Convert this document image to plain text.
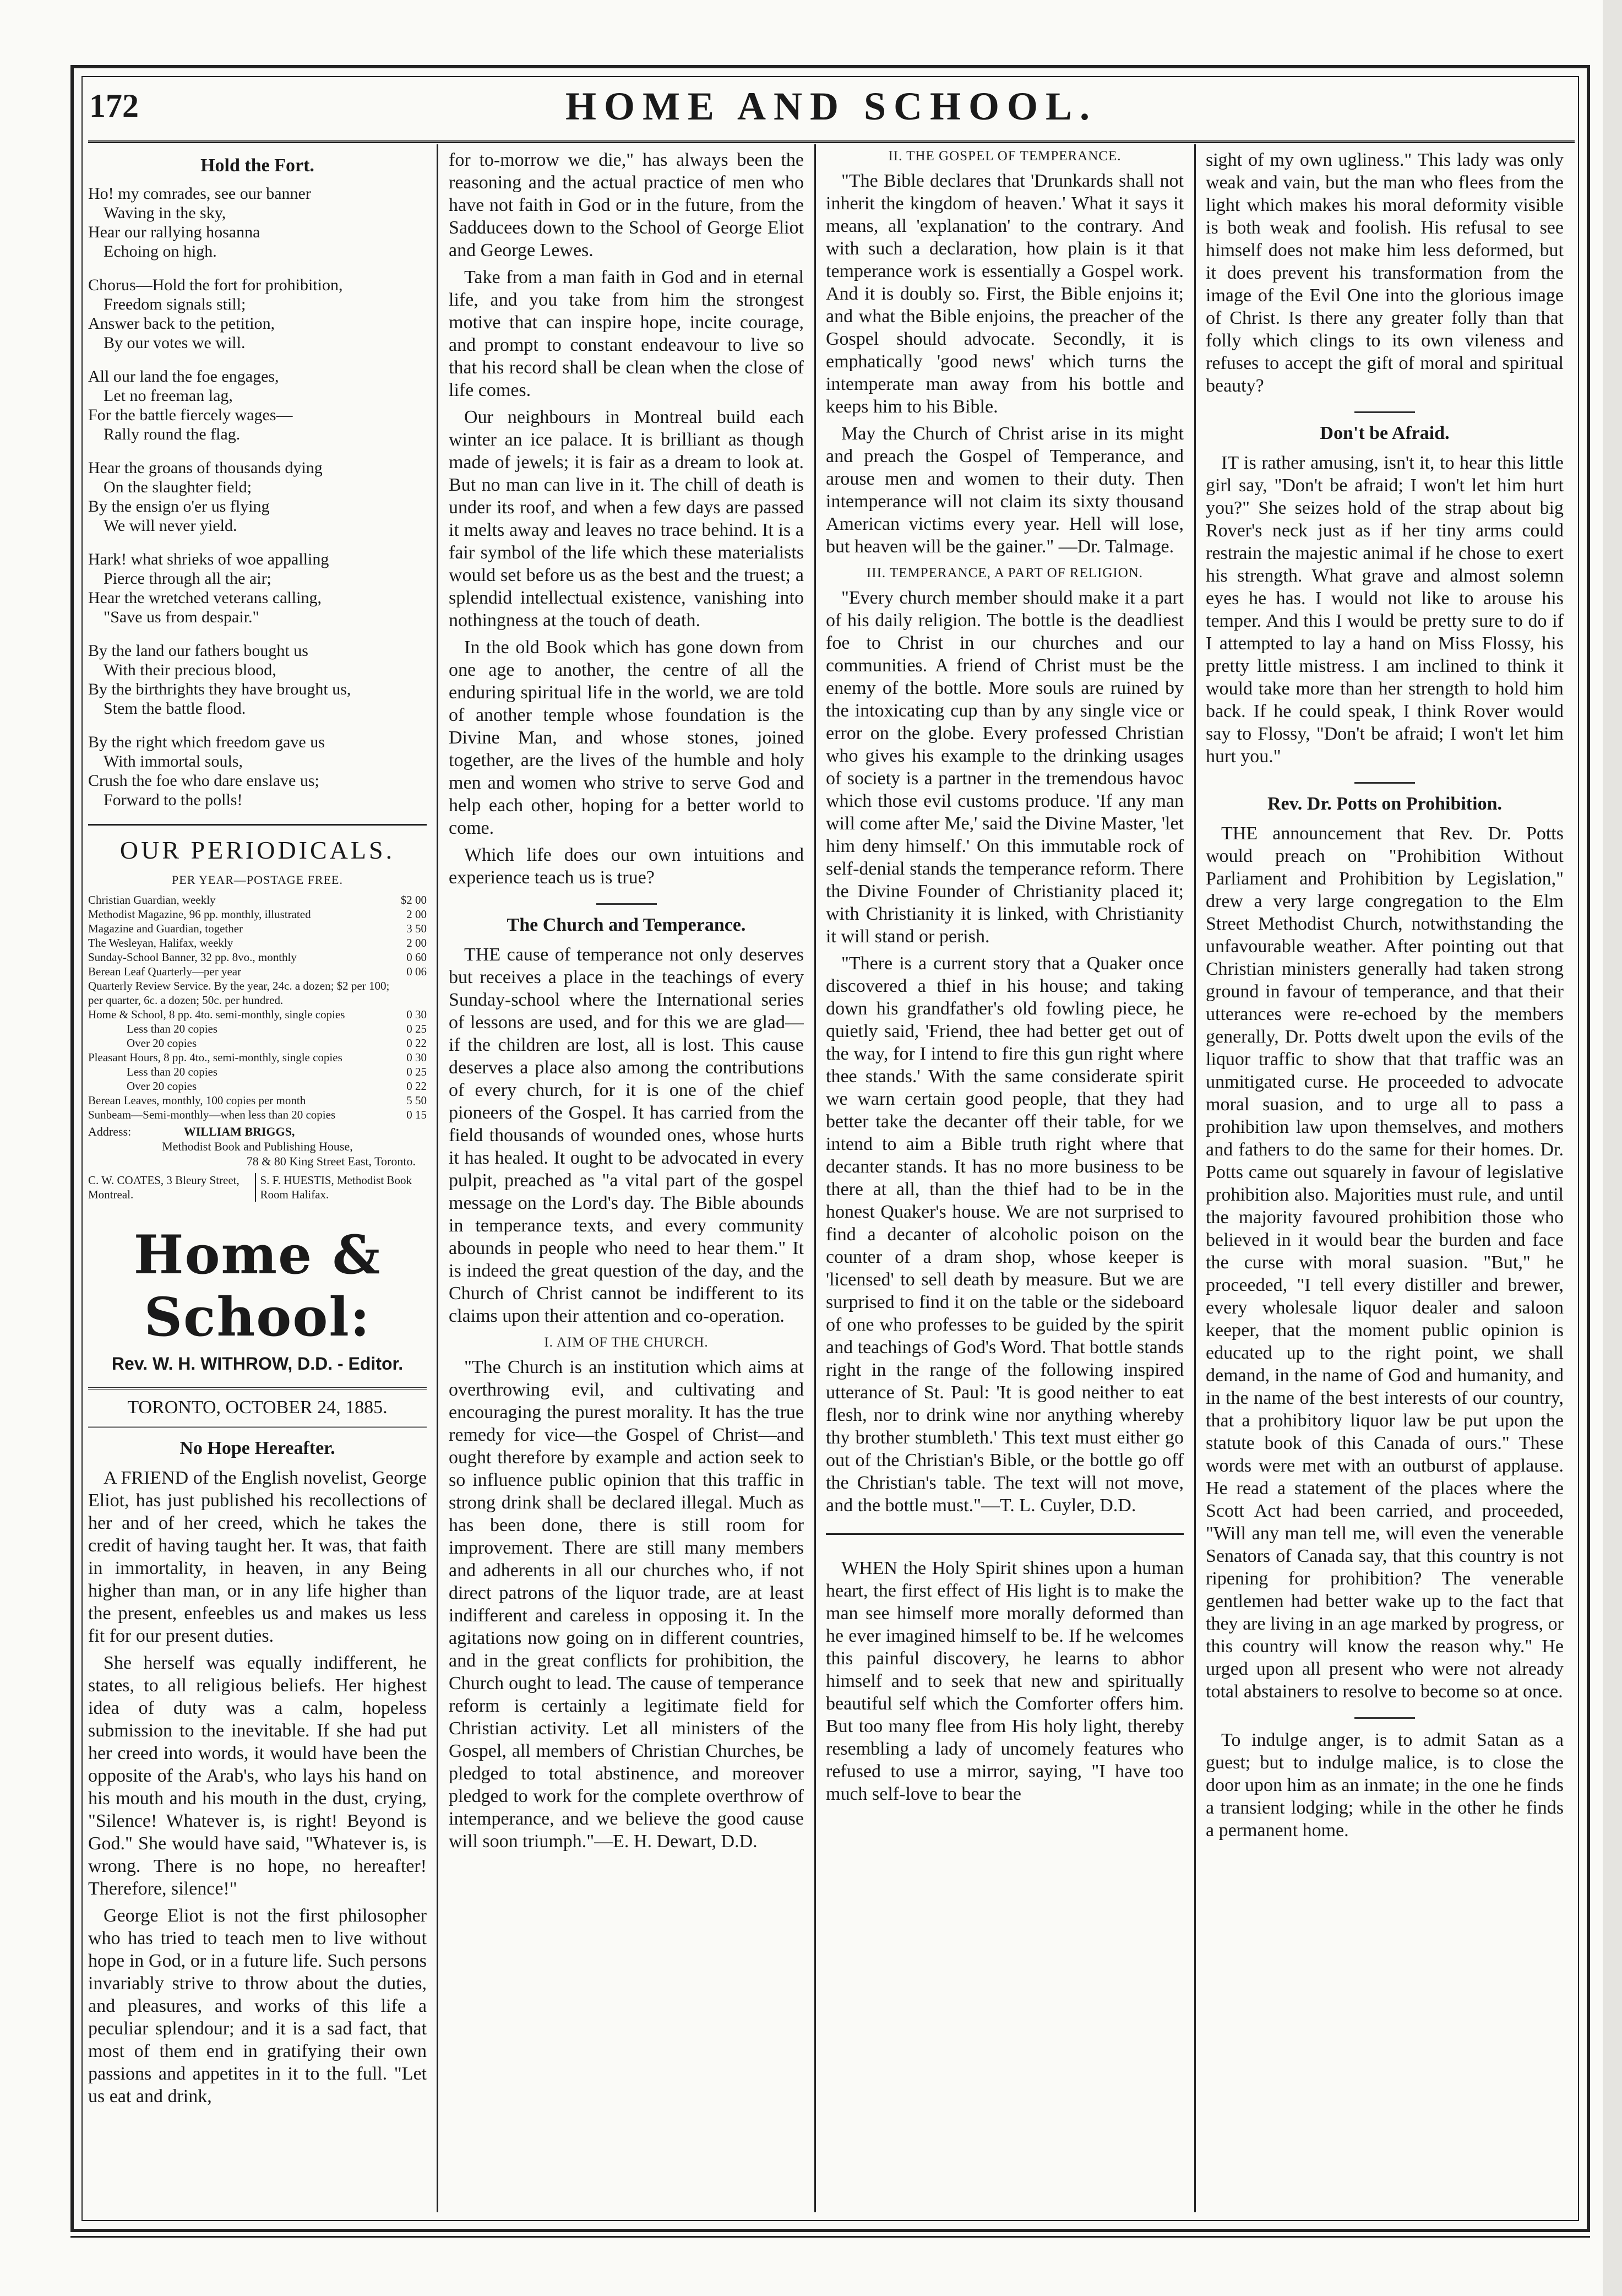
172	HOME AND SCHOOL.
Hold the Fort.
Ho! my comrades, see our banner
Waving in the sky,
Hear our rallying hosanna
Echoing on high.
Chorus—Hold the fort for prohibition,
Freedom signals still;
Answer back to the petition,
By our votes we will.
All our land the foe engages,
Let no freeman lag,
For the battle fiercely wages—
Rally round the flag.
Hear the groans of thousands dying
On the slaughter field;
By the ensign o'er us flying
We will never yield.
Hark! what shrieks of woe appalling
Pierce through all the air;
Hear the wretched veterans calling,
"Save us from despair."
By the land our fathers bought us
With their precious blood,
By the birthrights they have brought us,
Stem the battle flood.
By the right which freedom gave us
With immortal souls,
Crush the foe who dare enslave us;
Forward to the polls!
OUR PERIODICALS.
PER YEAR—POSTAGE FREE.
Christian Guardian, weekly	$2 00
Methodist Magazine, 96 pp. monthly, illustrated	2 00
Magazine and Guardian, together	3 50
The Wesleyan, Halifax, weekly	2 00
Sunday-School Banner, 32 pp. 8vo., monthly	0 60
Berean Leaf Quarterly—per year	0 06
Quarterly Review Service. By the year, 24c. a dozen; $2 per 100; per quarter, 6c. a dozen; 50c. per hundred.
Home & School, 8 pp. 4to. semi-monthly, single copies	0 30
Less than 20 copies	0 25
Over 20 copies	0 22
Pleasant Hours, 8 pp. 4to., semi-monthly, single copies	0 30
Less than 20 copies	0 25
Over 20 copies	0 22
Berean Leaves, monthly, 100 copies per month	5 50
Sunbeam—Semi-monthly—when less than 20 copies	0 15
Address:	WILLIAM BRIGGS,
Methodist Book and Publishing House,
78 & 80 King Street East, Toronto.
C. W. COATES, 3 Bleury Street, Montreal.
S. F. HUESTIS, Methodist Book Room Halifax.
Home & School:
Rev. W. H. WITHROW, D.D. - Editor.
TORONTO, OCTOBER 24, 1885.
No Hope Hereafter.

A FRIEND of the English novelist, George Eliot, has just published his recollections of her and of her creed, which he takes the credit of having taught her. It was, that faith in immortality, in heaven, in any Being higher than man, or in any life higher than the present, enfeebles us and makes us less fit for our present duties.

She herself was equally indifferent, he states, to all religious beliefs. Her highest idea of duty was a calm, hopeless submission to the inevitable. If she had put her creed into words, it would have been the opposite of the Arab's, who lays his hand on his mouth and his mouth in the dust, crying, "Silence! Whatever is, is right! Beyond is God." She would have said, "Whatever is, is wrong. There is no hope, no hereafter! Therefore, silence!"

George Eliot is not the first philosopher who has tried to teach men to live without hope in God, or in a future life. Such persons invariably strive to throw about the duties, and pleasures, and works of this life a peculiar splendour; and it is a sad fact, that most of them end in gratifying their own passions and appetites in it to the full. "Let us eat and drink,

for to-morrow we die," has always been the reasoning and the actual practice of men who have not faith in God or in the future, from the Sadducees down to the School of George Eliot and George Lewes.

Take from a man faith in God and in eternal life, and you take from him the strongest motive that can inspire hope, incite courage, and prompt to constant endeavour to live so that his record shall be clean when the close of life comes.

Our neighbours in Montreal build each winter an ice palace. It is brilliant as though made of jewels; it is fair as a dream to look at. But no man can live in it. The chill of death is under its roof, and when a few days are passed it melts away and leaves no trace behind. It is a fair symbol of the life which these materialists would set before us as the best and the truest; a splendid intellectual existence, vanishing into nothingness at the touch of death.

In the old Book which has gone down from one age to another, the centre of all the enduring spiritual life in the world, we are told of another temple whose foundation is the Divine Man, and whose stones, joined together, are the lives of the humble and holy men and women who strive to serve God and help each other, hoping for a better world to come.

Which life does our own intuitions and experience teach us is true?

The Church and Temperance.

THE cause of temperance not only deserves but receives a place in the teachings of every Sunday-school where the International series of lessons are used, and for this we are glad—if the children are lost, all is lost. This cause deserves a place also among the contributions of every church, for it is one of the chief pioneers of the Gospel. It has carried from the field thousands of wounded ones, whose hurts it has healed. It ought to be advocated in every pulpit, preached as "a vital part of the gospel message on the Lord's day. The Bible abounds in temperance texts, and every community abounds in people who need to hear them." It is indeed the great question of the day, and the Church of Christ cannot be indifferent to its claims upon their attention and co-operation.

I. AIM OF THE CHURCH.

"The Church is an institution which aims at overthrowing evil, and cultivating and encouraging the purest morality. It has the true remedy for vice—the Gospel of Christ—and ought therefore by example and action seek to so influence public opinion that this traffic in strong drink shall be declared illegal. Much as has been done, there is still room for improvement. There are still many members and adherents in all our churches who, if not direct patrons of the liquor trade, are at least indifferent and careless in opposing it. In the agitations now going on in different countries, and in the great conflicts for prohibition, the Church ought to lead. The cause of temperance reform is certainly a legitimate field for Christian activity. Let all ministers of the Gospel, all members of Christian Churches, be pledged to total abstinence, and moreover pledged to work for the complete overthrow of intemperance, and we believe the good cause will soon triumph."—E. H. Dewart, D.D.

II. THE GOSPEL OF TEMPERANCE.

"The Bible declares that 'Drunkards shall not inherit the kingdom of heaven.' What it says it means, all 'explanation' to the contrary. And with such a declaration, how plain is it that temperance work is essentially a Gospel work. And it is doubly so. First, the Bible enjoins it; and what the Bible enjoins, the preacher of the Gospel should advocate. Secondly, it is emphatically 'good news' which turns the intemperate man away from his bottle and keeps him to his Bible.

May the Church of Christ arise in its might and preach the Gospel of Temperance, and arouse men and women to their duty. Then intemperance will not claim its sixty thousand American victims every year. Hell will lose, but heaven will be the gainer." —Dr. Talmage.

III. TEMPERANCE, A PART OF RELIGION.

"Every church member should make it a part of his daily religion. The bottle is the deadliest foe to Christ in our churches and our communities. A friend of Christ must be the enemy of the bottle. More souls are ruined by the intoxicating cup than by any single vice or error on the globe. Every professed Christian who gives his example to the drinking usages of society is a partner in the tremendous havoc which those evil customs produce. 'If any man will come after Me,' said the Divine Master, 'let him deny himself.' On this immutable rock of self-denial stands the temperance reform. There the Divine Founder of Christianity placed it; with Christianity it is linked, with Christianity it will stand or perish.

"There is a current story that a Quaker once discovered a thief in his house; and taking down his grandfather's old fowling piece, he quietly said, 'Friend, thee had better get out of the way, for I intend to fire this gun right where thee stands.' With the same considerate spirit we warn certain good people, that they had better take the decanter off their table, for we intend to aim a Bible truth right where that decanter stands. It has no more business to be there at all, than the thief had to be in the honest Quaker's house. We are not surprised to find a decanter of alcoholic poison on the counter of a dram shop, whose keeper is 'licensed' to sell death by measure. But we are surprised to find it on the table or the sideboard of one who professes to be guided by the spirit and teachings of God's Word. That bottle stands right in the range of the following inspired utterance of St. Paul: 'It is good neither to eat flesh, nor to drink wine nor anything whereby thy brother stumbleth.' This text must either go out of the Christian's Bible, or the bottle go off the Christian's table. The text will not move, and the bottle must."—T. L. Cuyler, D.D.

WHEN the Holy Spirit shines upon a human heart, the first effect of His light is to make the man see himself more morally deformed than he ever imagined himself to be. If he welcomes this painful discovery, he learns to abhor himself and to seek that new and spiritually beautiful self which the Comforter offers him. But too many flee from His holy light, thereby resembling a lady of uncomely features who refused to use a mirror, saying, "I have too much self-love to bear the

sight of my own ugliness." This lady was only weak and vain, but the man who flees from the light which makes his moral deformity visible is both weak and foolish. His refusal to see himself does not make him less deformed, but it does prevent his transformation from the image of the Evil One into the glorious image of Christ. Is there any greater folly than that folly which clings to its own vileness and refuses to accept the gift of moral and spiritual beauty?

Don't be Afraid.

IT is rather amusing, isn't it, to hear this little girl say, "Don't be afraid; I won't let him hurt you?" She seizes hold of the strap about big Rover's neck just as if her tiny arms could restrain the majestic animal if he chose to exert his strength. What grave and almost solemn eyes he has. I would not like to arouse his temper. And this I would be pretty sure to do if I attempted to lay a hand on Miss Flossy, his pretty little mistress. I am inclined to think it would take more than her strength to hold him back. If he could speak, I think Rover would say to Flossy, "Don't be afraid; I won't let him hurt you."

Rev. Dr. Potts on Prohibition.

THE announcement that Rev. Dr. Potts would preach on "Prohibition Without Parliament and Prohibition by Legislation," drew a very large congregation to the Elm Street Methodist Church, notwithstanding the unfavourable weather. After pointing out that Christian ministers generally had taken strong ground in favour of temperance, and that their utterances were re-echoed by the members generally, Dr. Potts dwelt upon the evils of the liquor traffic to show that that traffic was an unmitigated curse. He proceeded to advocate moral suasion, and to urge all to pass a prohibition law upon themselves, and mothers and fathers to do the same for their homes. Dr. Potts came out squarely in favour of legislative prohibition also. Majorities must rule, and until the majority favoured prohibition those who believed in it would bear the burden and face the curse with moral suasion. "But," he proceeded, "I tell every distiller and brewer, every wholesale liquor dealer and saloon keeper, that the moment public opinion is educated up to the right point, we shall demand, in the name of God and humanity, and in the name of the best interests of our country, that a prohibitory liquor law be put upon the statute book of this Canada of ours." These words were met with an outburst of applause. He read a statement of the places where the Scott Act had been carried, and proceeded, "Will any man tell me, will even the venerable Senators of Canada say, that this country is not ripening for prohibition? The venerable gentlemen had better wake up to the fact that they are living in an age marked by progress, or this country will know the reason why." He urged upon all present who were not already total abstainers to resolve to become so at once.

To indulge anger, is to admit Satan as a guest; but to indulge malice, is to close the door upon him as an inmate; in the one he finds a transient lodging; while in the other he finds a permanent home.
